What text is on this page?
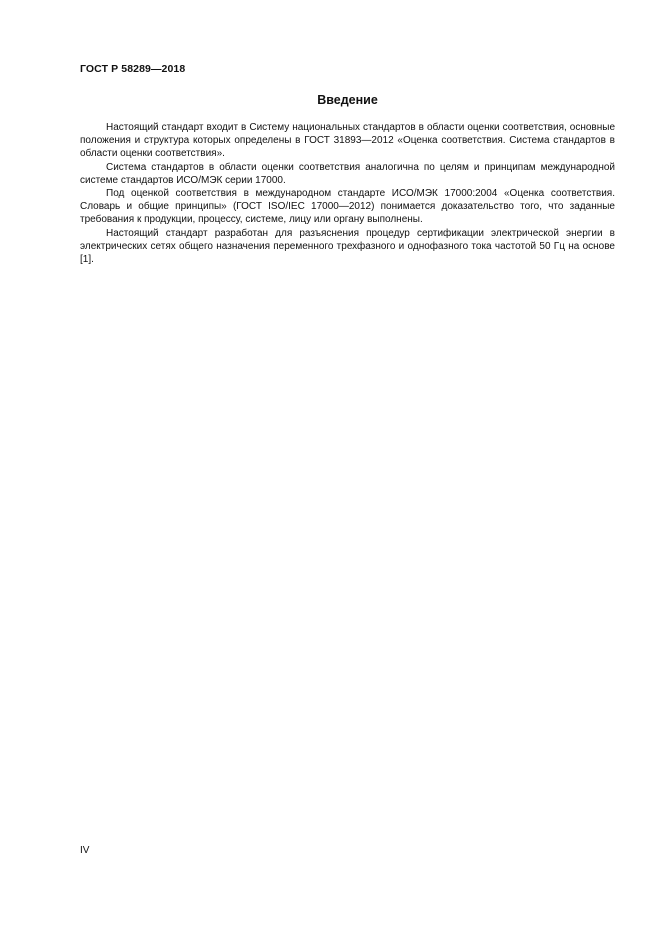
ГОСТ Р 58289—2018
Введение

Настоящий стандарт входит в Систему национальных стандартов в области оценки соответствия, основные положения и структура которых определены в ГОСТ 31893—2012 «Оценка соответствия. Система стандартов в области оценки соответствия».

Система стандартов в области оценки соответствия аналогична по целям и принципам международной системе стандартов ИСО/МЭК серии 17000.

Под оценкой соответствия в международном стандарте ИСО/МЭК 17000:2004 «Оценка соответствия. Словарь и общие принципы» (ГОСТ ISO/IEC 17000—2012) понимается доказательство того, что заданные требования к продукции, процессу, системе, лицу или органу выполнены.

Настоящий стандарт разработан для разъяснения процедур сертификации электрической энергии в электрических сетях общего назначения переменного трехфазного и однофазного тока частотой 50 Гц на основе [1].

IV
